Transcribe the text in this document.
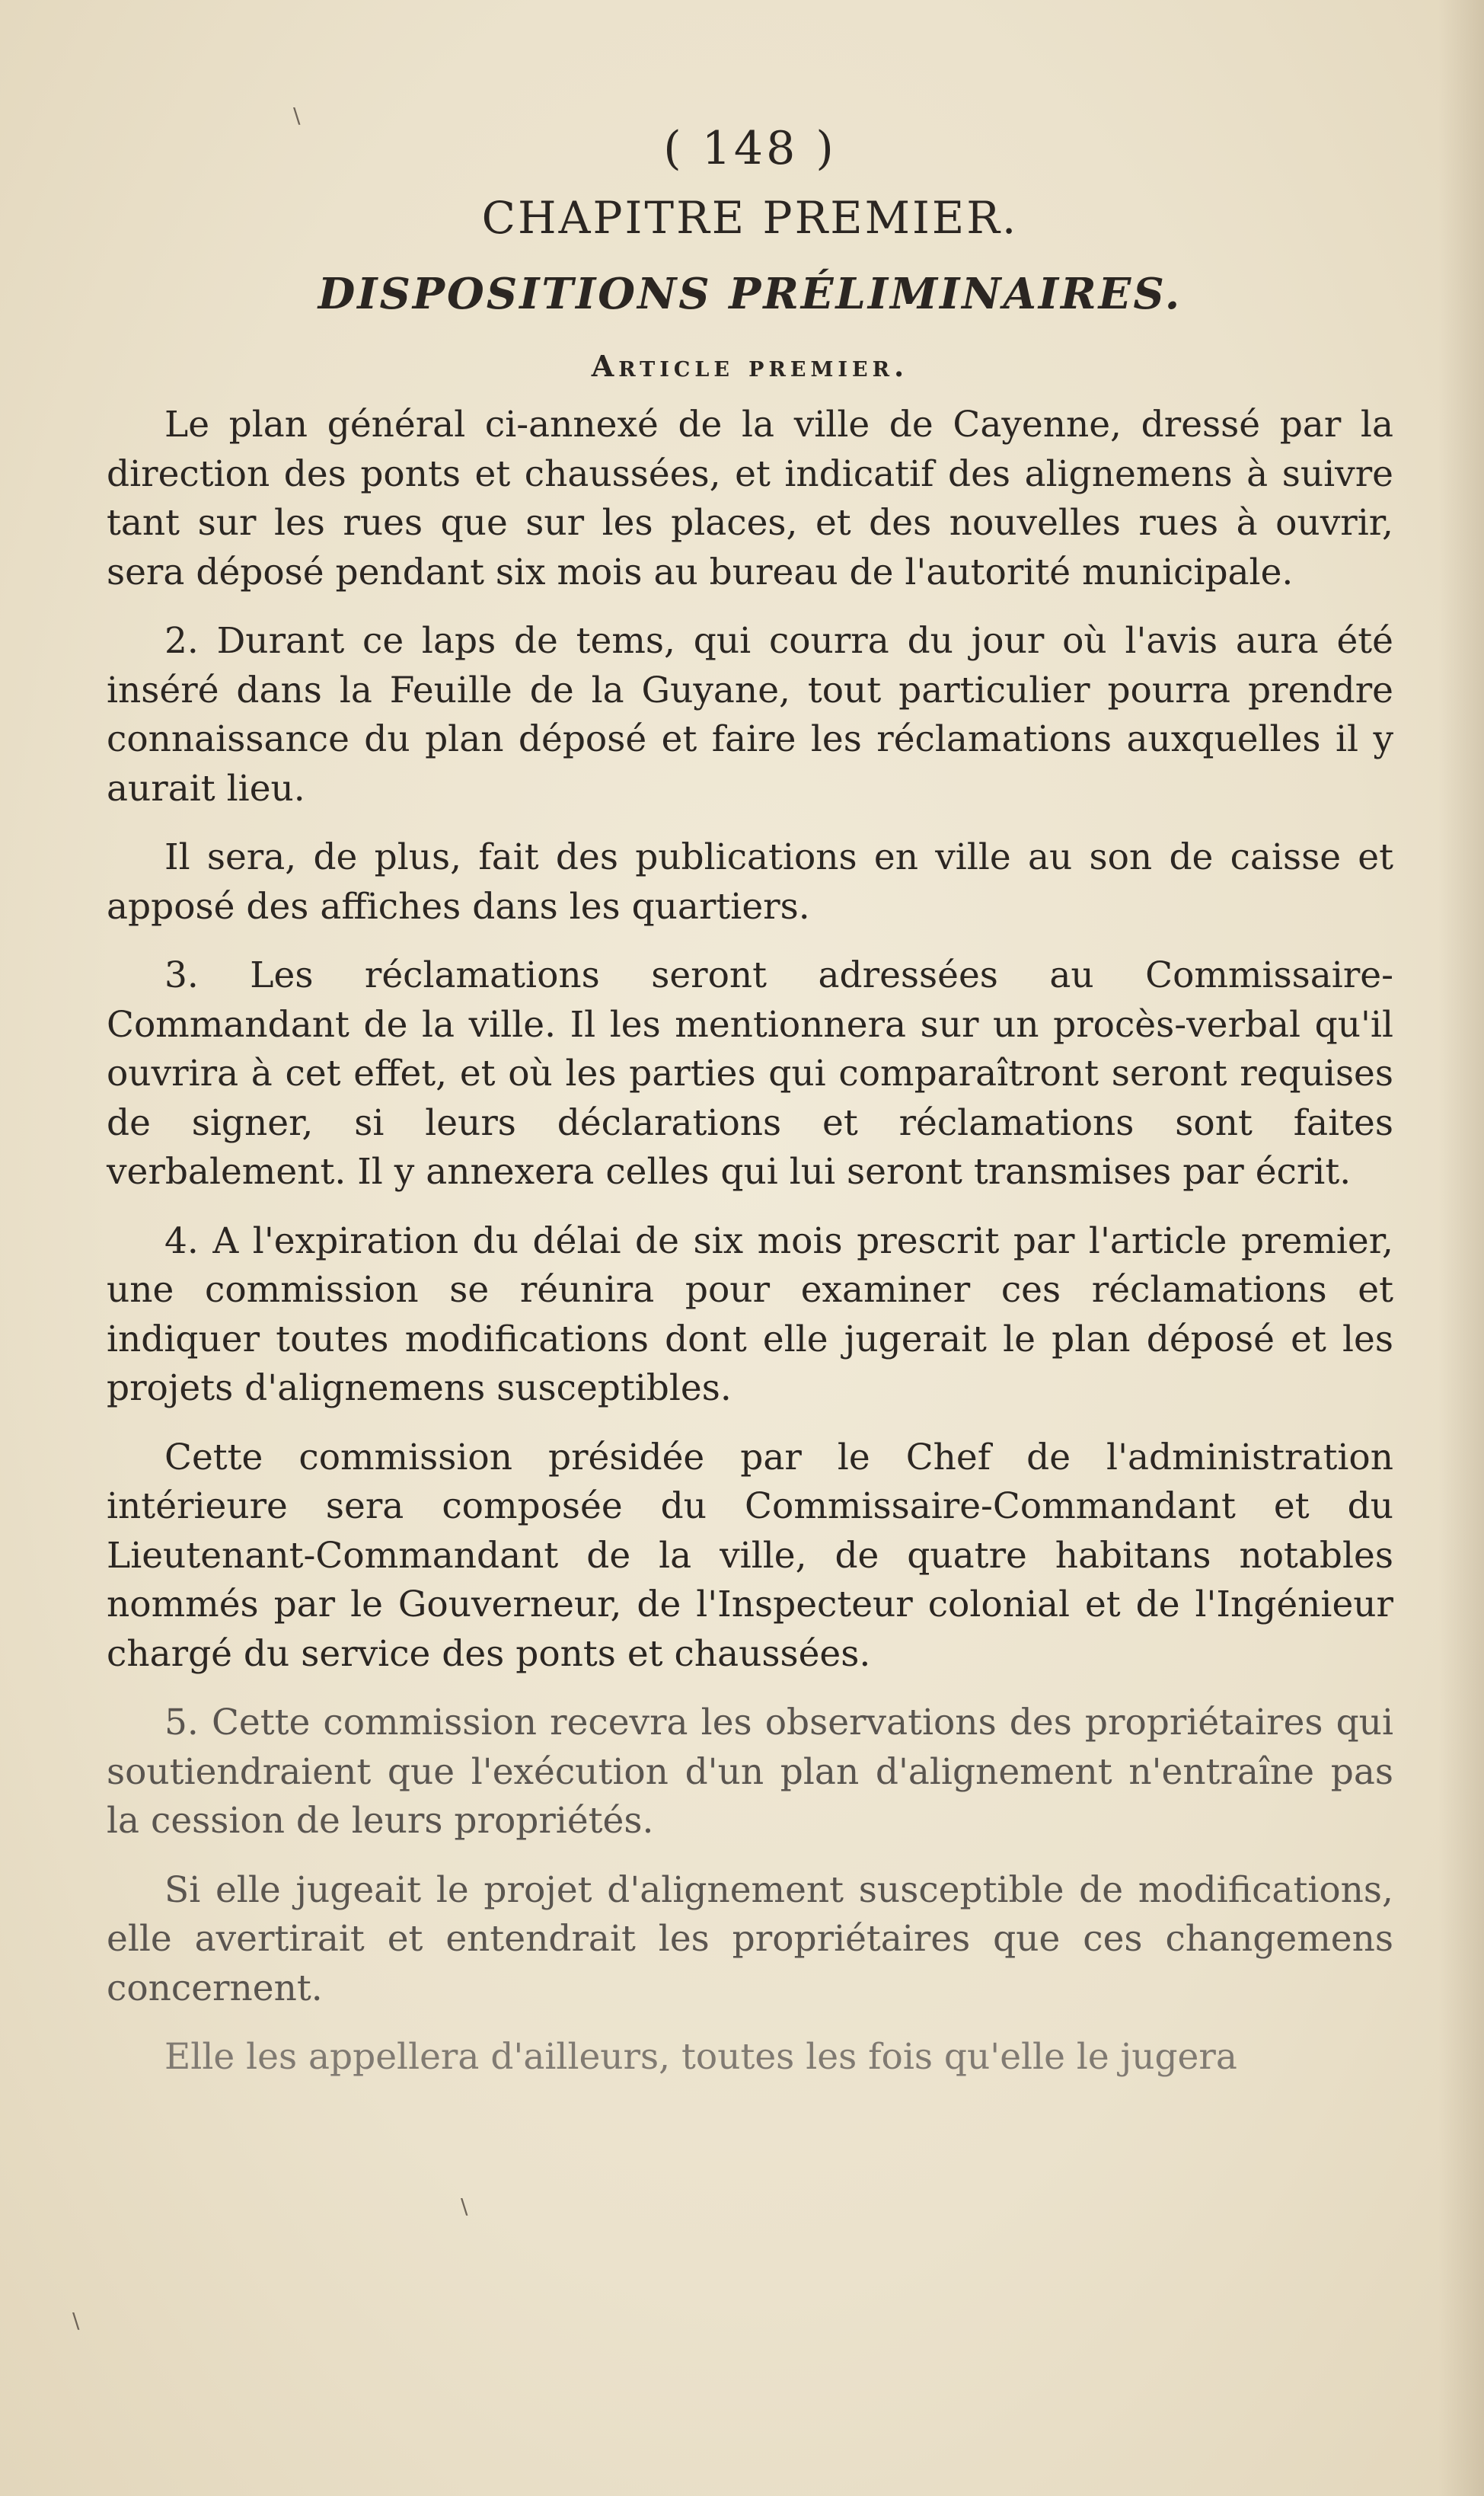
\
\
\
( 148 )
CHAPITRE PREMIER.
DISPOSITIONS PRÉLIMINAIRES.
Article premier.

Le plan général ci-annexé de la ville de Cayenne, dressé par la direction des ponts et chaussées, et indicatif des alignemens à suivre tant sur les rues que sur les places, et des nouvelles rues à ouvrir, sera déposé pendant six mois au bureau de l'autorité municipale.

2. Durant ce laps de tems, qui courra du jour où l'avis aura été inséré dans la Feuille de la Guyane, tout particulier pourra prendre connaissance du plan déposé et faire les réclamations auxquelles il y aurait lieu.

Il sera, de plus, fait des publications en ville au son de caisse et apposé des affiches dans les quartiers.

3. Les réclamations seront adressées au Commissaire-Commandant de la ville. Il les mentionnera sur un procès-verbal qu'il ouvrira à cet effet, et où les parties qui comparaîtront seront requises de signer, si leurs déclarations et réclamations sont faites verbalement. Il y annexera celles qui lui seront transmises par écrit.

4. A l'expiration du délai de six mois prescrit par l'article premier, une commission se réunira pour examiner ces réclamations et indiquer toutes modifications dont elle jugerait le plan déposé et les projets d'alignemens susceptibles.

Cette commission présidée par le Chef de l'administration intérieure sera composée du Commissaire-Commandant et du Lieutenant-Commandant de la ville, de quatre habitans notables nommés par le Gouverneur, de l'Inspecteur colonial et de l'Ingénieur chargé du service des ponts et chaussées.

5. Cette commission recevra les observations des propriétaires qui soutiendraient que l'exécution d'un plan d'alignement n'entraîne pas la cession de leurs propriétés.

Si elle jugeait le projet d'alignement susceptible de modifications, elle avertirait et entendrait les propriétaires que ces changemens concernent.

Elle les appellera d'ailleurs, toutes les fois qu'elle le jugera
